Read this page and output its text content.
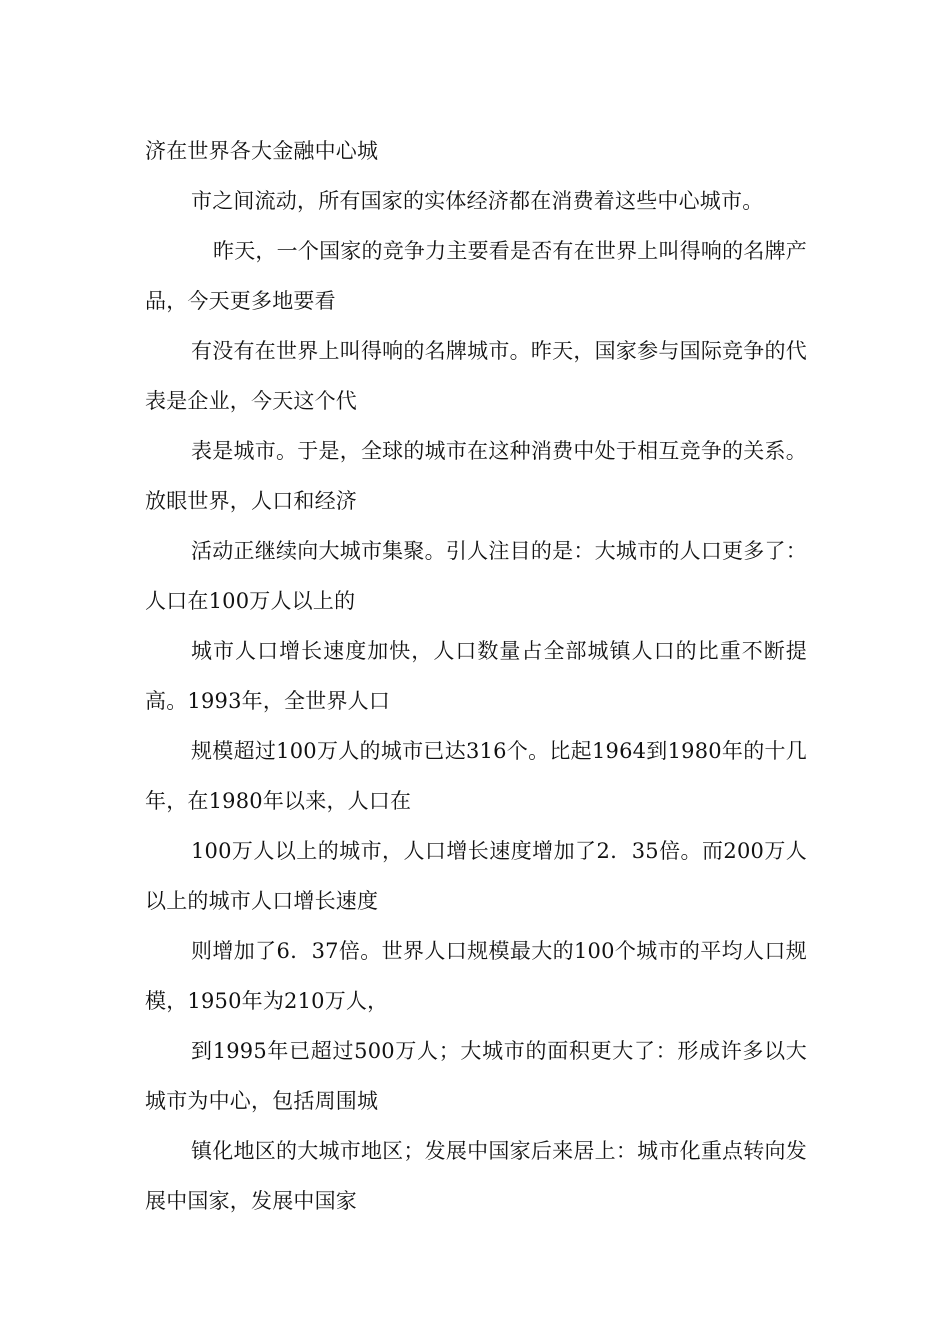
济在世界各大金融中心城

市之间流动，所有国家的实体经济都在消费着这些中心城市。

昨天，一个国家的竞争力主要看是否有在世界上叫得响的名牌产品，今天更多地要看

有没有在世界上叫得响的名牌城市。昨天，国家参与国际竞争的代表是企业，今天这个代

表是城市。于是，全球的城市在这种消费中处于相互竞争的关系。放眼世界，人口和经济

活动正继续向大城市集聚。引人注目的是：大城市的人口更多了：人口在100万人以上的

城市人口增长速度加快，人口数量占全部城镇人口的比重不断提高。1993年，全世界人口

规模超过100万人的城市已达316个。比起1964到1980年的十几年，在1980年以来，人口在

100万人以上的城市，人口增长速度增加了2．35倍。而200万人以上的城市人口增长速度

则增加了6．37倍。世界人口规模最大的100个城市的平均人口规模，1950年为210万人，

到1995年已超过500万人；大城市的面积更大了：形成许多以大城市为中心，包括周围城

镇化地区的大城市地区；发展中国家后来居上：城市化重点转向发展中国家，发展中国家
